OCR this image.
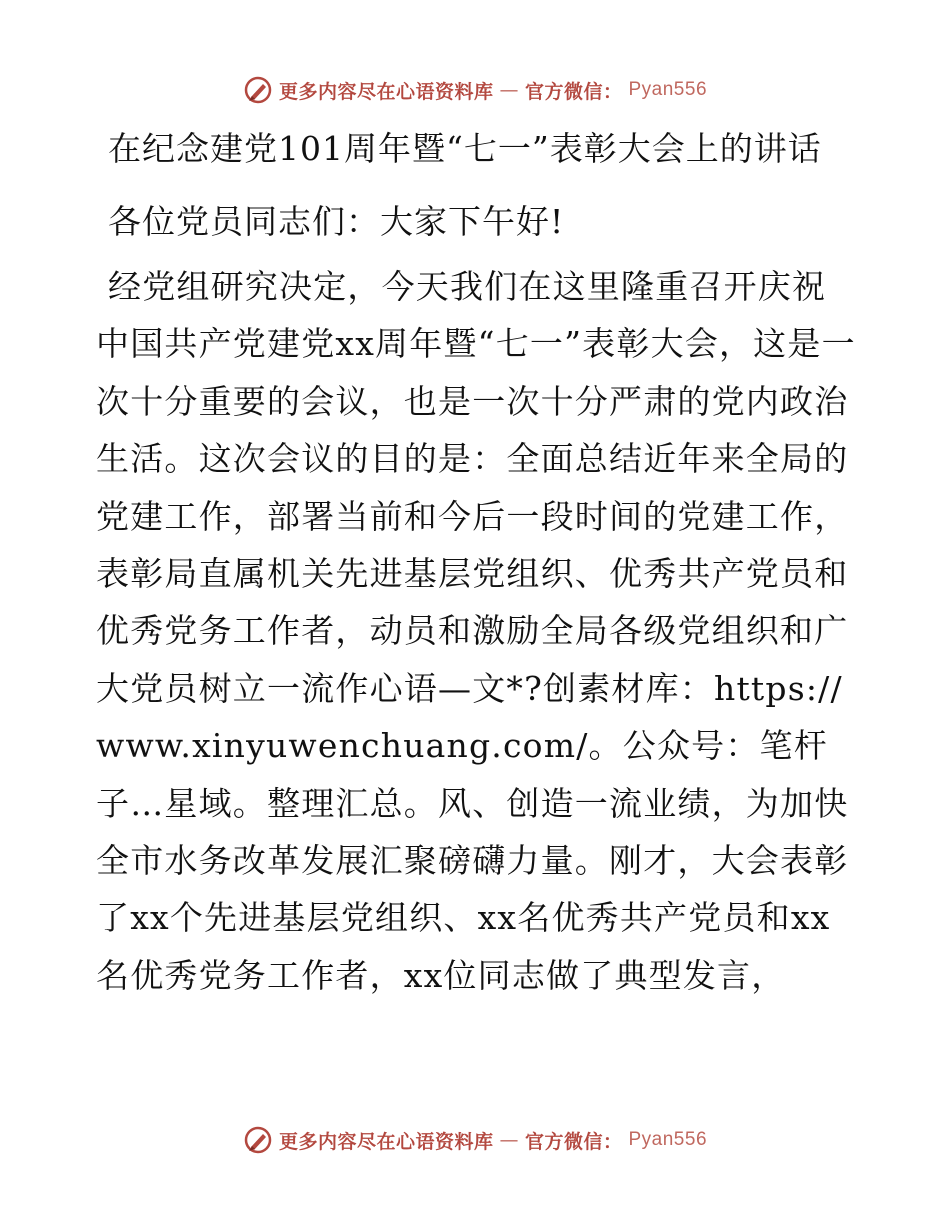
更多内容尽在心语资料库 — 官方微信： Pyan556

在纪念建党101周年暨“七一”表彰大会上的讲话

各位党员同志们：大家下午好!

经党组研究决定，今天我们在这里隆重召开庆祝中国共产党建党xx周年暨“七一”表彰大会，这是一次十分重要的会议，也是一次十分严肃的党内政治生活。这次会议的目的是：全面总结近年来全局的党建工作，部署当前和今后一段时间的党建工作，表彰局直属机关先进基层党组织、优秀共产党员和优秀党务工作者，动员和激励全局各级党组织和广大党员树立一流作心语—文*?创素材库：https://www.xinyuwenchuang.com/。公众号：笔杆子…星域。整理汇总。风、创造一流业绩，为加快全市水务改革发展汇聚磅礴力量。刚才，大会表彰了xx个先进基层党组织、xx名优秀共产党员和xx名优秀党务工作者，xx位同志做了典型发言，

更多内容尽在心语资料库 — 官方微信： Pyan556
